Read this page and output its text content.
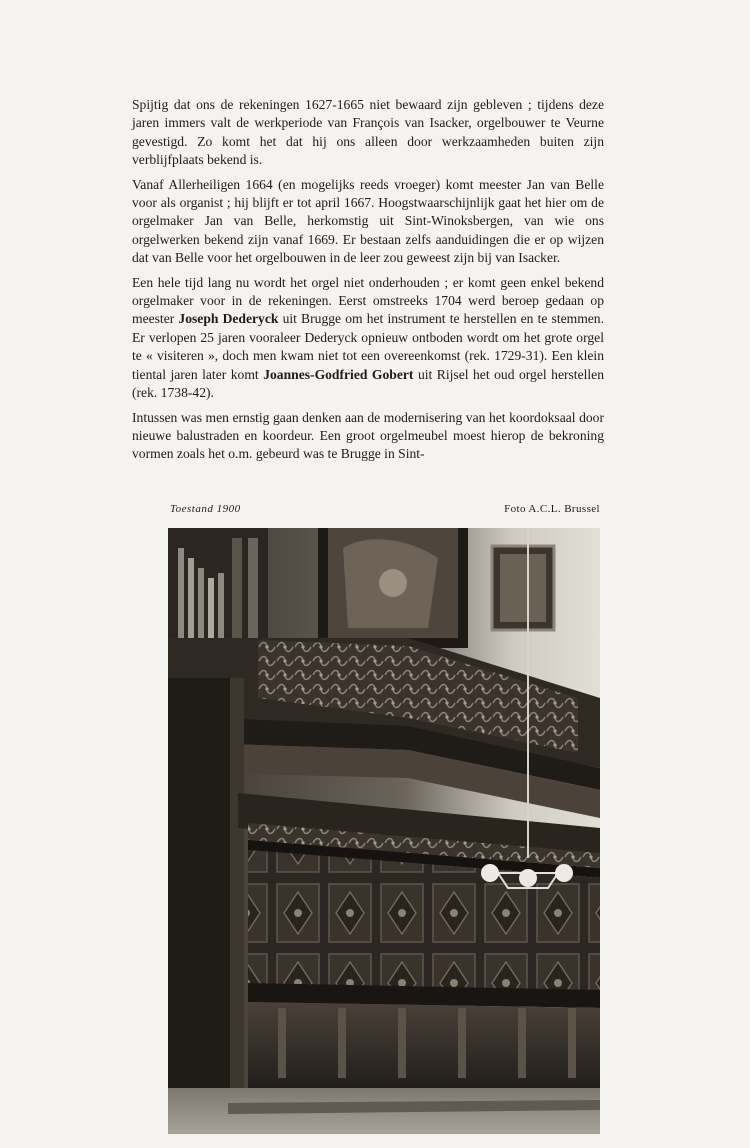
Spijtig dat ons de rekeningen 1627-1665 niet bewaard zijn gebleven ; tijdens deze jaren immers valt de werkperiode van François van Isacker, orgelbouwer te Veurne gevestigd. Zo komt het dat hij ons alleen door werkzaamheden buiten zijn verblijfplaats bekend is.

Vanaf Allerheiligen 1664 (en mogelijks reeds vroeger) komt meester Jan van Belle voor als organist ; hij blijft er tot april 1667. Hoogstwaarschijnlijk gaat het hier om de orgelmaker Jan van Belle, herkomstig uit Sint-Winoksbergen, van wie ons orgelwerken bekend zijn vanaf 1669. Er bestaan zelfs aanduidingen die er op wijzen dat van Belle voor het orgelbouwen in de leer zou geweest zijn bij van Isacker.

Een hele tijd lang nu wordt het orgel niet onderhouden ; er komt geen enkel bekend orgelmaker voor in de rekeningen. Eerst omstreeks 1704 werd beroep gedaan op meester Joseph Dederyck uit Brugge om het instrument te herstellen en te stemmen. Er verlopen 25 jaren vooraleer Dederyck opnieuw ontboden wordt om het grote orgel te « visiteren », doch men kwam niet tot een overeenkomst (rek. 1729-31). Een klein tiental jaren later komt Joannes-Godfried Gobert uit Rijsel het oud orgel herstellen (rek. 1738-42).

Intussen was men ernstig gaan denken aan de modernisering van het koordoksaal door nieuwe balustraden en koordeur. Een groot orgelmeubel moest hierop de bekroning vormen zoals het o.m. gebeurd was te Brugge in Sint-

Toestand 1900	Foto A.C.L. Brussel
